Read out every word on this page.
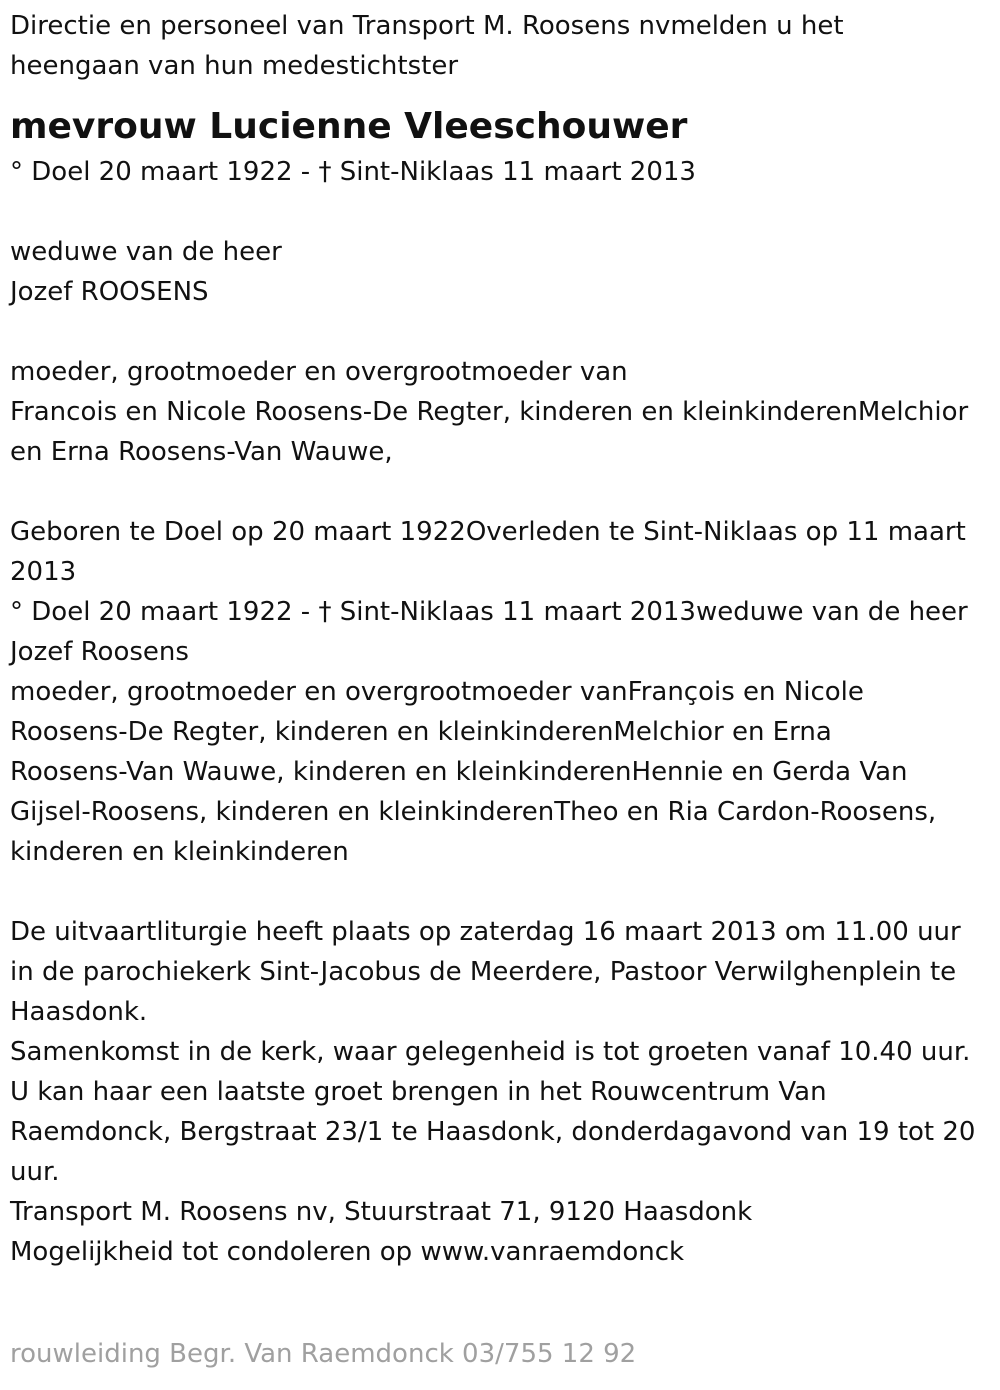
Directie en personeel van Transport M. Roosens nvmelden u het
heengaan van hun medestichtster
mevrouw Lucienne Vleeschouwer
° Doel 20 maart 1922 - † Sint-Niklaas 11 maart 2013
weduwe van de heer
Jozef ROOSENS
moeder, grootmoeder en overgrootmoeder van
Francois en Nicole Roosens-De Regter, kinderen en kleinkinderenMelchior
en Erna Roosens-Van Wauwe,
Geboren te Doel op 20 maart 1922Overleden te Sint-Niklaas op 11 maart
2013
° Doel 20 maart 1922 - † Sint-Niklaas 11 maart 2013weduwe van de heer
Jozef Roosens
moeder, grootmoeder en overgrootmoeder vanFrançois en Nicole
Roosens-De Regter, kinderen en kleinkinderenMelchior en Erna
Roosens-Van Wauwe, kinderen en kleinkinderenHennie en Gerda Van
Gijsel-Roosens, kinderen en kleinkinderenTheo en Ria Cardon-Roosens,
kinderen en kleinkinderen
De uitvaartliturgie heeft plaats op zaterdag 16 maart 2013 om 11.00 uur
in de parochiekerk Sint-Jacobus de Meerdere, Pastoor Verwilghenplein te
Haasdonk.
Samenkomst in de kerk, waar gelegenheid is tot groeten vanaf 10.40 uur.
U kan haar een laatste groet brengen in het Rouwcentrum Van
Raemdonck, Bergstraat 23/1 te Haasdonk, donderdagavond van 19 tot 20
uur.
Transport M. Roosens nv, Stuurstraat 71, 9120 Haasdonk
Mogelijkheid tot condoleren op www.vanraemdonck
rouwleiding Begr. Van Raemdonck 03/755 12 92
